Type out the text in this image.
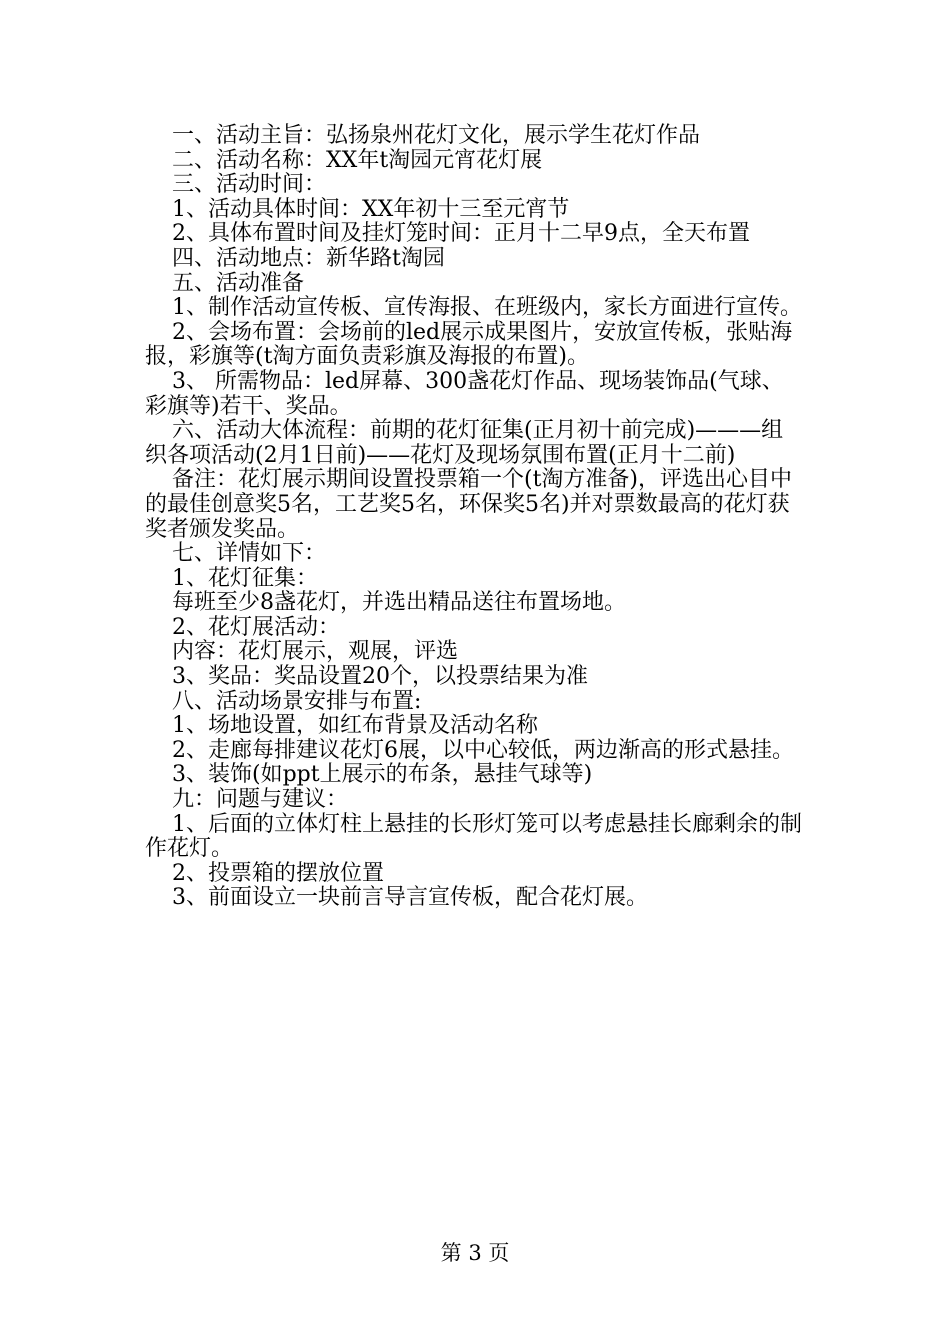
一、活动主旨：弘扬泉州花灯文化，展示学生花灯作品

二、活动名称：XX年t淘园元宵花灯展

三、活动时间：

1、活动具体时间：XX年初十三至元宵节

2、具体布置时间及挂灯笼时间：正月十二早9点，全天布置

四、活动地点：新华路t淘园

五、活动准备

1、制作活动宣传板、宣传海报、在班级内，家长方面进行宣传。

2、会场布置：会场前的led展示成果图片，安放宣传板，张贴海报，彩旗等(t淘方面负责彩旗及海报的布置)。

3、 所需物品：led屏幕、300盏花灯作品、现场装饰品(气球、彩旗等)若干、奖品。

六、活动大体流程：前期的花灯征集(正月初十前完成)———组织各项活动(2月1日前)——花灯及现场氛围布置(正月十二前)

备注：花灯展示期间设置投票箱一个(t淘方准备)，评选出心目中的最佳创意奖5名，工艺奖5名，环保奖5名)并对票数最高的花灯获奖者颁发奖品。

七、详情如下：

1、花灯征集：

每班至少8盏花灯，并选出精品送往布置场地。

2、花灯展活动：

内容：花灯展示，观展，评选

3、奖品：奖品设置20个，以投票结果为准

八、活动场景安排与布置:

1、场地设置，如红布背景及活动名称

2、走廊每排建议花灯6展，以中心较低，两边渐高的形式悬挂。

3、装饰(如ppt上展示的布条，悬挂气球等)

九：问题与建议：

1、后面的立体灯柱上悬挂的长形灯笼可以考虑悬挂长廊剩余的制作花灯。

2、投票箱的摆放位置

3、前面设立一块前言导言宣传板，配合花灯展。

第 3 页
